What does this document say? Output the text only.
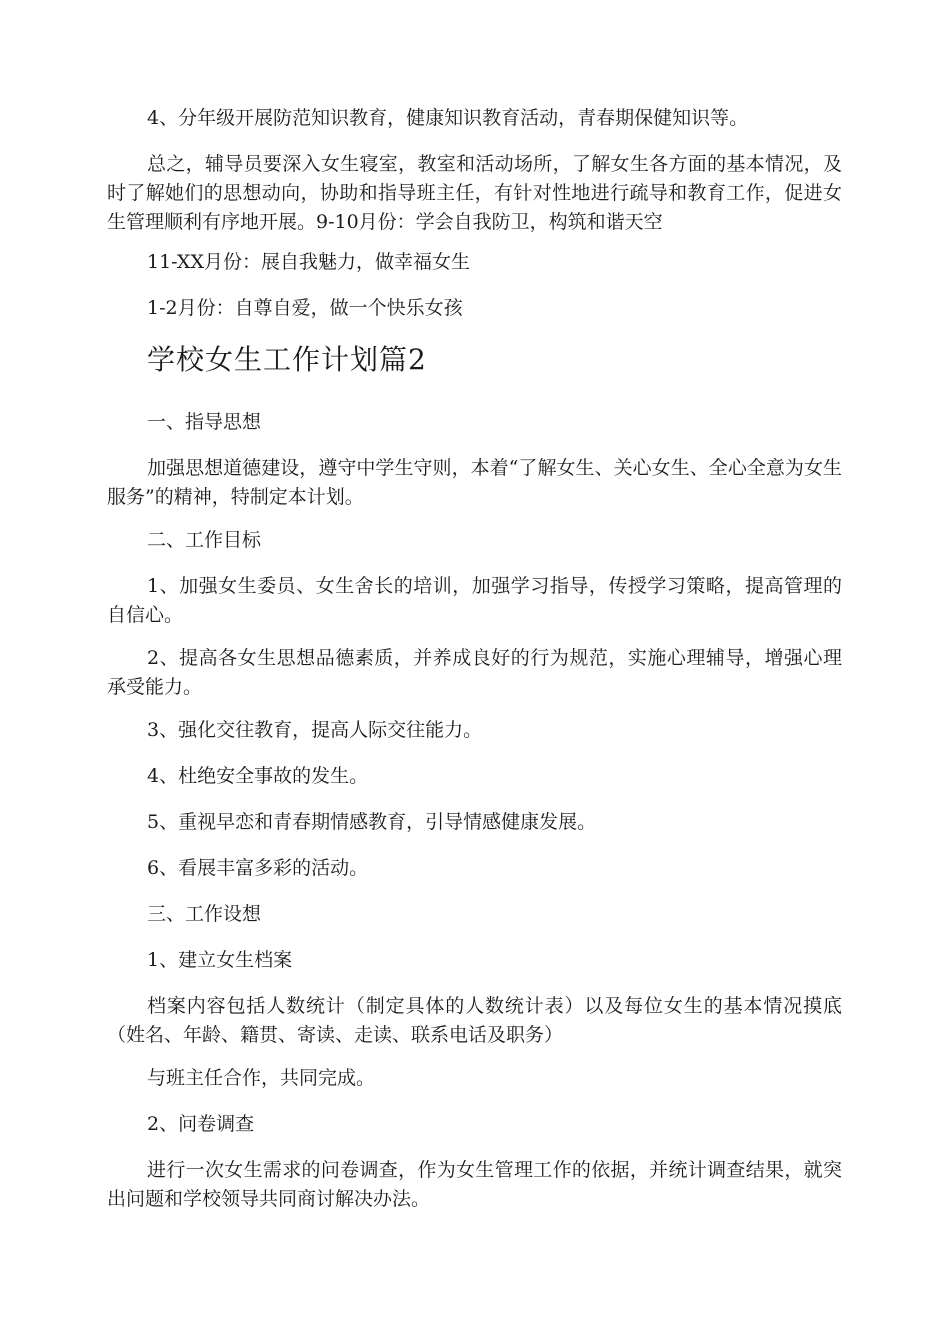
4、分年级开展防范知识教育，健康知识教育活动，青春期保健知识等。

总之，辅导员要深入女生寝室，教室和活动场所，了解女生各方面的基本情况，及时了解她们的思想动向，协助和指导班主任，有针对性地进行疏导和教育工作，促进女生管理顺利有序地开展。9-10月份：学会自我防卫，构筑和谐天空

11-XX月份：展自我魅力，做幸福女生

1-2月份：自尊自爱，做一个快乐女孩

学校女生工作计划篇2

一、指导思想

加强思想道德建设，遵守中学生守则，本着“了解女生、关心女生、全心全意为女生服务”的精神，特制定本计划。

二、工作目标

1、加强女生委员、女生舍长的培训，加强学习指导，传授学习策略，提高管理的自信心。

2、提高各女生思想品德素质，并养成良好的行为规范，实施心理辅导，增强心理承受能力。

3、强化交往教育，提高人际交往能力。

4、杜绝安全事故的发生。

5、重视早恋和青春期情感教育，引导情感健康发展。

6、看展丰富多彩的活动。

三、工作设想

1、建立女生档案

档案内容包括人数统计（制定具体的人数统计表）以及每位女生的基本情况摸底（姓名、年龄、籍贯、寄读、走读、联系电话及职务）

与班主任合作，共同完成。

2、问卷调查

进行一次女生需求的问卷调查，作为女生管理工作的依据，并统计调查结果，就突出问题和学校领导共同商讨解决办法。
